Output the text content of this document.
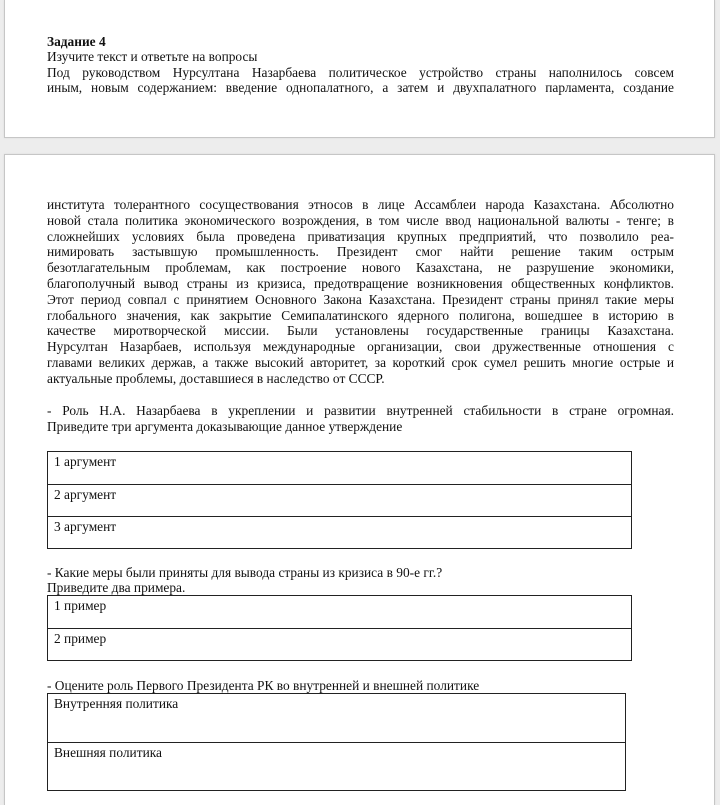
Задание 4
Изучите текст и ответьте на вопросы
Под руководством Нурсултана Назарбаева политическое устройство страны наполнилось совсем
иным, новым содержанием: введение однопалатного, а затем и двухпалатного парламента, создание
института толерантного сосуществования этносов в лице Ассамблеи народа Казахстана. Абсолютно
новой стала политика экономического возрождения, в том числе ввод национальной валюты - тенге; в
сложнейших условиях была проведена приватизация крупных предприятий, что позволило реа-
нимировать застывшую промышленность. Президент смог найти решение таким острым
безотлагательным проблемам, как построение нового Казахстана, не разрушение экономики,
благополучный вывод страны из кризиса, предотвращение возникновения общественных конфликтов.
Этот период совпал с принятием Основного Закона Казахстана. Президент страны принял такие меры
глобального значения, как закрытие Семипалатинского ядерного полигона, вошедшее в историю в
качестве миротворческой миссии. Были установлены государственные границы Казахстана.
Нурсултан Назарбаев, используя международные организации, свои дружественные отношения с
главами великих держав, а также высокий авторитет, за короткий срок сумел решить многие острые и
актуальные проблемы, доставшиеся в наследство от СССР.
- Роль Н.А. Назарбаева в укреплении и развитии внутренней стабильности в стране огромная.
Приведите три аргумента доказывающие данное утверждение
1 аргумент
2 аргумент
3 аргумент
- Какие меры были приняты для вывода страны из кризиса в 90-е гг.?
Приведите два примера.
1 пример
2 пример
- Оцените роль Первого Президента РК во внутренней и внешней политике
Внутренняя политика
Внешняя политика
